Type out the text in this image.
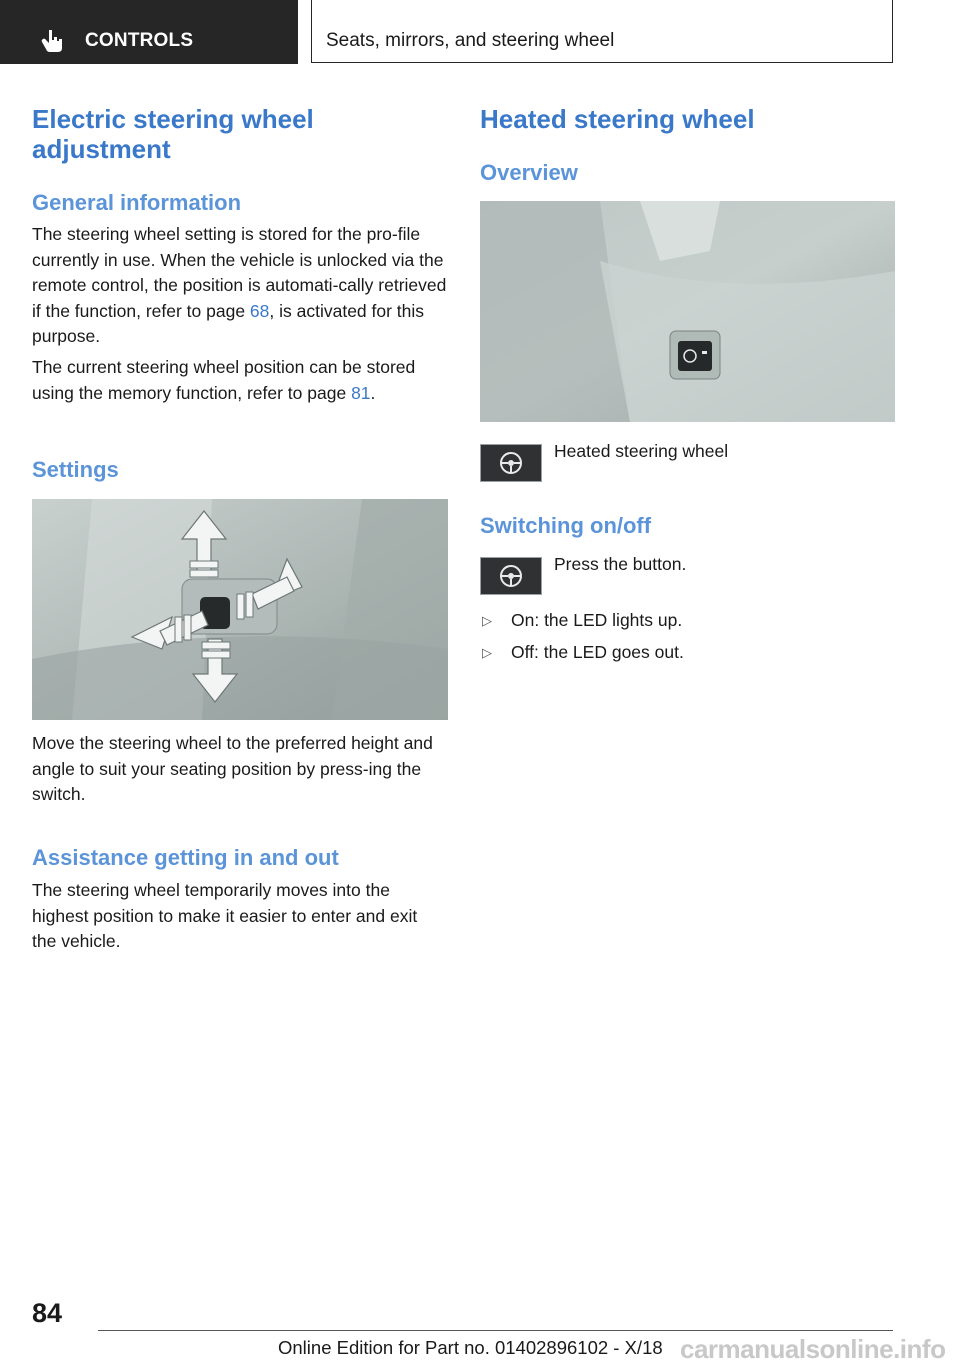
CONTROLS	Seats, mirrors, and steering wheel
Electric steering wheel adjustment
General information

The steering wheel setting is stored for the pro‐file currently in use. When the vehicle is unlocked via the remote control, the position is automati‐cally retrieved if the function, refer to page 68, is activated for this purpose.

The current steering wheel position can be stored using the memory function, refer to page 81.

Settings

Move the steering wheel to the preferred height and angle to suit your seating position by press‐ing the switch.

Assistance getting in and out

The steering wheel temporarily moves into the highest position to make it easier to enter and exit the vehicle.

Heated steering wheel
Overview
Heated steering wheel
Switching on/off
Press the button.
▷ On: the LED lights up.
▷ Off: the LED goes out.
84
Online Edition for Part no. 01402896102 - X/18 carmanualsonline.info
